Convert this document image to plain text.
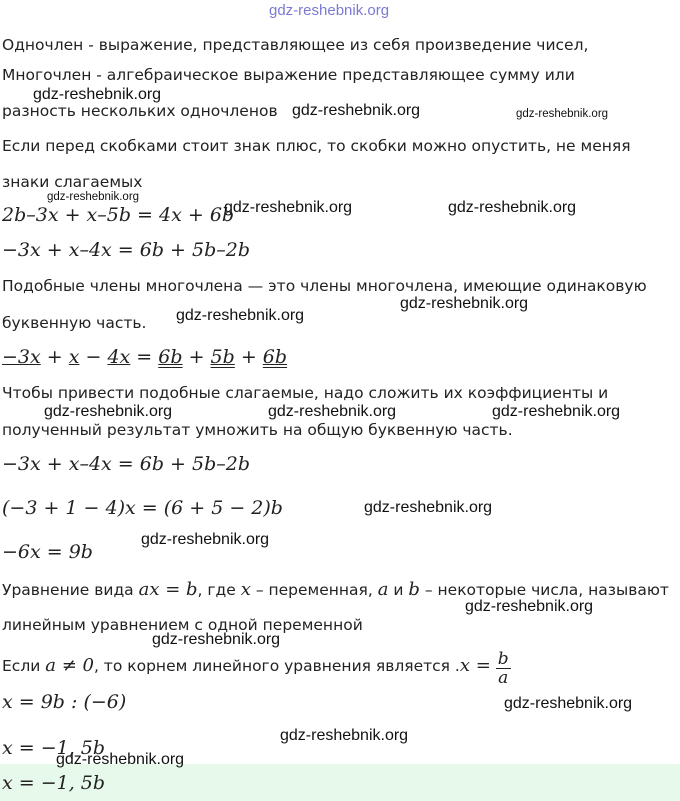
gdz-reshebnik.org
Одночлен - выражение, представляющее из себя произведение чисел,
Многочлен - алгебраическое выражение представляющее сумму или
gdz-reshebnik.org
разность нескольких одночленов gdz-reshebnik.org	gdz-reshebnik.org
Если перед скобками стоит знак плюс, то скобки можно опустить, не меняя
знаки слагаемых
gdz-reshebnik.org
2b–3x + x–5b = 4x + 6b
gdz-reshebnik.org	gdz-reshebnik.org
−3x + x–4x = 6b + 5b–2b
Подобные члены многочлена — это члены многочлена, имеющие одинаковую
gdz-reshebnik.org
буквенную часть. gdz-reshebnik.org
−3x + x − 4x = 6b + 5b + 6b
Чтобы привести подобные слагаемые, надо сложить их коэффициенты и
gdz-reshebnik.org	gdz-reshebnik.org	gdz-reshebnik.org
полученный результат умножить на общую буквенную часть.
−3x + x–4x = 6b + 5b–2b
(−3 + 1 − 4)x = (6 + 5 − 2)b	gdz-reshebnik.org
−6x = 9b
gdz-reshebnik.org
Уравнение вида ax = b, где x – переменная, a и b – некоторые числа, называют
gdz-reshebnik.org
линейным уравнением с одной переменной
gdz-reshebnik.org
Если a ≠ 0, то корнем линейного уравнения является $.x = \frac{b}{a}$
x = 9b : (−6)	gdz-reshebnik.org
x = −1, 5b
gdz-reshebnik.org
gdz-reshebnik.org
x = −1, 5b
